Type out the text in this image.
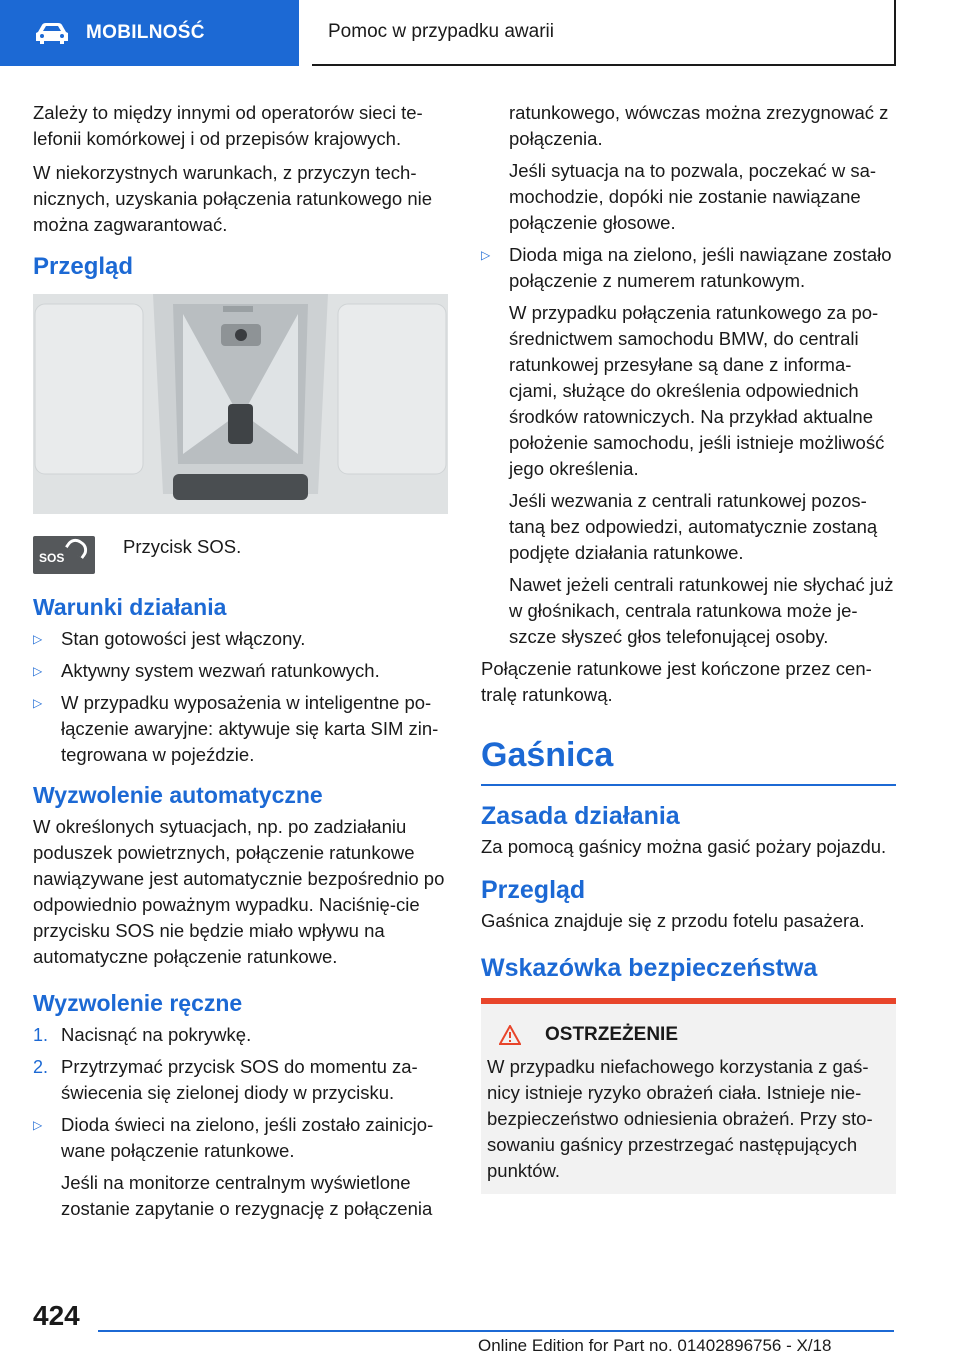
MOBILNOŚĆ	Pomoc w przypadku awarii

Zależy to między innymi od operatorów sieci te-lefonii komórkowej i od przepisów krajowych.

W niekorzystnych warunkach, z przyczyn tech-nicznych, uzyskania połączenia ratunkowego nie można zagwarantować.

Przegląd
SOS
Przycisk SOS.
Warunki działania
▷	Stan gotowości jest włączony.
▷	Aktywny system wezwań ratunkowych.
▷	W przypadku wyposażenia w inteligentne po-łączenie awaryjne: aktywuje się karta SIM zin-tegrowana w pojeździe.
Wyzwolenie automatyczne

W określonych sytuacjach, np. po zadziałaniu poduszek powietrznych, połączenie ratunkowe nawiązywane jest automatycznie bezpośrednio po odpowiednio poważnym wypadku. Naciśnię-cie przycisku SOS nie będzie miało wpływu na automatyczne połączenie ratunkowe.

Wyzwolenie ręczne
1. Nacisnąć na pokrywkę.
2. Przytrzymać przycisk SOS do momentu za-świecenia się zielonej diody w przycisku.
▷	Dioda świeci na zielono, jeśli zostało zainicjo-wane połączenie ratunkowe.
Jeśli na monitorze centralnym wyświetlone zostanie zapytanie o rezygnację z połączenia
ratunkowego, wówczas można zrezygnować z połączenia.
Jeśli sytuacja na to pozwala, poczekać w sa-mochodzie, dopóki nie zostanie nawiązane połączenie głosowe.
▷	Dioda miga na zielono, jeśli nawiązane zostało połączenie z numerem ratunkowym.
W przypadku połączenia ratunkowego za po-średnictwem samochodu BMW, do centrali ratunkowej przesyłane są dane z informa-cjami, służące do określenia odpowiednich środków ratowniczych. Na przykład aktualne położenie samochodu, jeśli istnieje możliwość jego określenia.
Jeśli wezwania z centrali ratunkowej pozos-taną bez odpowiedzi, automatycznie zostaną podjęte działania ratunkowe.
Nawet jeżeli centrali ratunkowej nie słychać już w głośnikach, centrala ratunkowa może je-szcze słyszeć głos telefonującej osoby.

Połączenie ratunkowe jest kończone przez cen-tralę ratunkową.

Gaśnica
Zasada działania

Za pomocą gaśnicy można gasić pożary pojazdu.

Przegląd

Gaśnica znajduje się z przodu fotelu pasażera.

Wskazówka bezpieczeństwa
OSTRZEŻENIE

W przypadku niefachowego korzystania z gaś-nicy istnieje ryzyko obrażeń ciała. Istnieje nie-bezpieczeństwo odniesienia obrażeń. Przy sto-sowaniu gaśnicy przestrzegać następujących punktów.

424
Online Edition for Part no. 01402896756 - X/18
